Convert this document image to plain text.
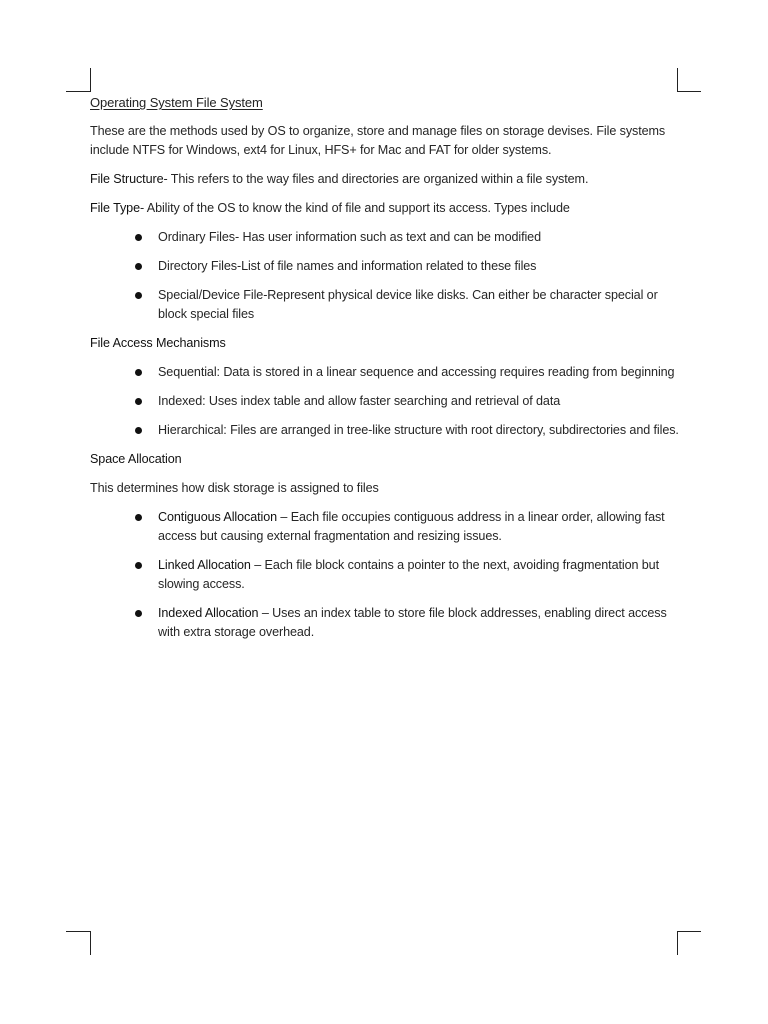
Operating System File System

These are the methods used by OS to organize, store and manage files on storage devises. File systems include NTFS for Windows, ext4 for Linux, HFS+ for Mac and FAT for older systems.

File Structure- This refers to the way files and directories are organized within a file system.

File Type- Ability of the OS to know the kind of file and support its access. Types include

Ordinary Files- Has user information such as text and can be modified
Directory Files-List of file names and information related to these files
Special/Device File-Represent physical device like disks. Can either be character special or block special files

File Access Mechanisms

Sequential: Data is stored in a linear sequence and accessing requires reading from beginning
Indexed: Uses index table and allow faster searching and retrieval of data
Hierarchical: Files are arranged in tree-like structure with root directory, subdirectories and files.

Space Allocation

This determines how disk storage is assigned to files

Contiguous Allocation – Each file occupies contiguous address in a linear order, allowing fast access but causing external fragmentation and resizing issues.
Linked Allocation – Each file block contains a pointer to the next, avoiding fragmentation but slowing access.
Indexed Allocation – Uses an index table to store file block addresses, enabling direct access with extra storage overhead.
